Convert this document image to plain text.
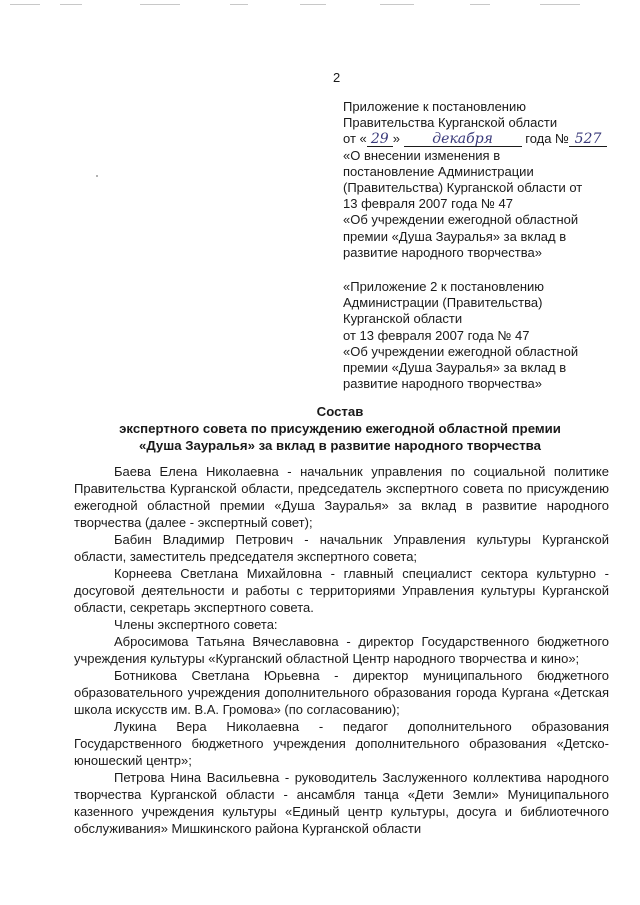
2
Приложение к постановлению
Правительства Курганской области
от « 29 » декабря года № 527
«О внесении изменения в
постановление Администрации
(Правительства) Курганской области от
13 февраля 2007 года № 47
«Об учреждении ежегодной областной
премии «Душа Зауралья» за вклад в
развитие народного творчества»
«Приложение 2 к постановлению
Администрации (Правительства)
Курганской области
от 13 февраля 2007 года № 47
«Об учреждении ежегодной областной
премии «Душа Зауралья» за вклад в
развитие народного творчества»
Состав
экспертного совета по присуждению ежегодной областной премии
«Душа Зауралья» за вклад в развитие народного творчества

Баева Елена Николаевна - начальник управления по социальной политике Правительства Курганской области, председатель экспертного совета по присуждению ежегодной областной премии «Душа Зауралья» за вклад в развитие народного творчества (далее - экспертный совет);

Бабин Владимир Петрович - начальник Управления культуры Курганской области, заместитель председателя экспертного совета;

Корнеева Светлана Михайловна - главный специалист сектора культурно - досуговой деятельности и работы с территориями Управления культуры Курганской области, секретарь экспертного совета.

Члены экспертного совета:

Абросимова Татьяна Вячеславовна - директор Государственного бюджетного учреждения культуры «Курганский областной Центр народного творчества и кино»;

Ботникова Светлана Юрьевна - директор муниципального бюджетного образовательного учреждения дополнительного образования города Кургана «Детская школа искусств им. В.А. Громова» (по согласованию);

Лукина Вера Николаевна - педагог дополнительного образования Государственного бюджетного учреждения дополнительного образования «Детско-юношеский центр»;

Петрова Нина Васильевна - руководитель Заслуженного коллектива народного творчества Курганской области - ансамбля танца «Дети Земли» Муниципального казенного учреждения культуры «Единый центр культуры, досуга и библиотечного обслуживания» Мишкинского района Курганской области
